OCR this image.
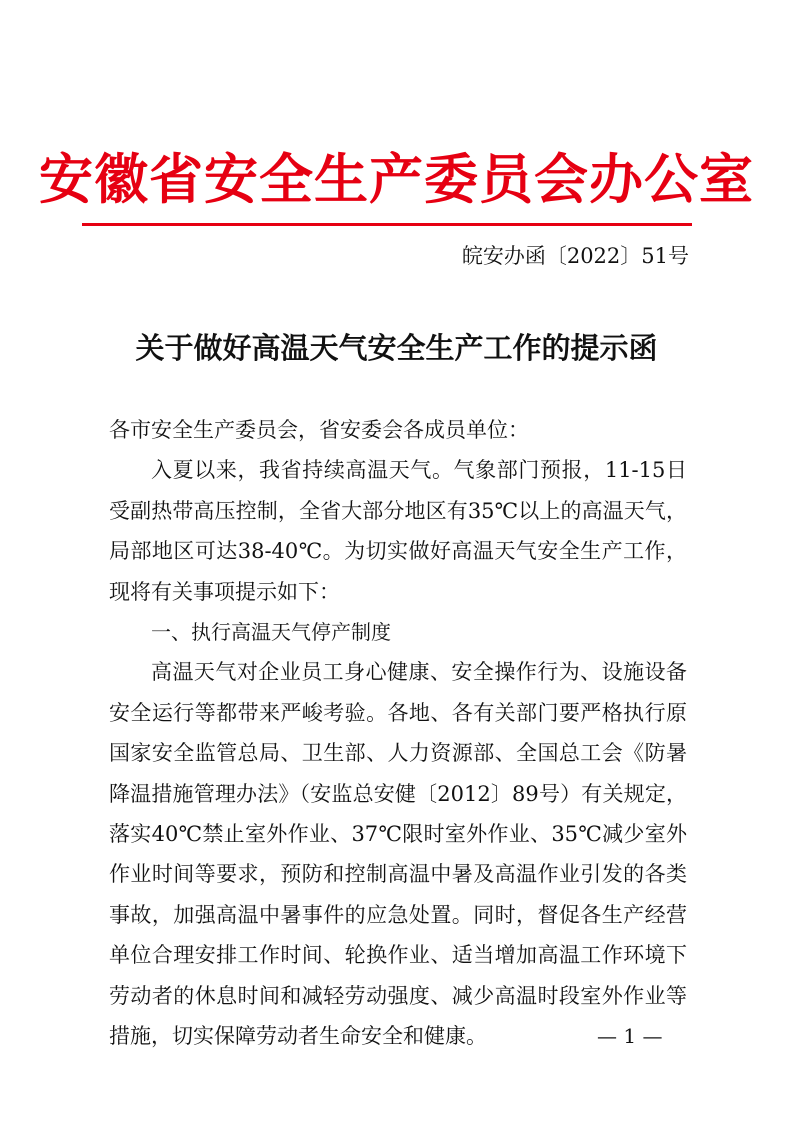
安徽省安全生产委员会办公室
皖安办函〔2022〕51号
关于做好高温天气安全生产工作的提示函

各市安全生产委员会，省安委会各成员单位：

入夏以来，我省持续高温天气。气象部门预报，11-15日受副热带高压控制，全省大部分地区有35℃以上的高温天气，局部地区可达38-40℃。为切实做好高温天气安全生产工作，现将有关事项提示如下：

一、执行高温天气停产制度

高温天气对企业员工身心健康、安全操作行为、设施设备安全运行等都带来严峻考验。各地、各有关部门要严格执行原国家安全监管总局、卫生部、人力资源部、全国总工会《防暑降温措施管理办法》（安监总安健〔2012〕89号）有关规定，落实40℃禁止室外作业、37℃限时室外作业、35℃减少室外作业时间等要求，预防和控制高温中暑及高温作业引发的各类事故，加强高温中暑事件的应急处置。同时，督促各生产经营单位合理安排工作时间、轮换作业、适当增加高温工作环境下劳动者的休息时间和减轻劳动强度、减少高温时段室外作业等措施，切实保障劳动者生命安全和健康。	— 1 —
